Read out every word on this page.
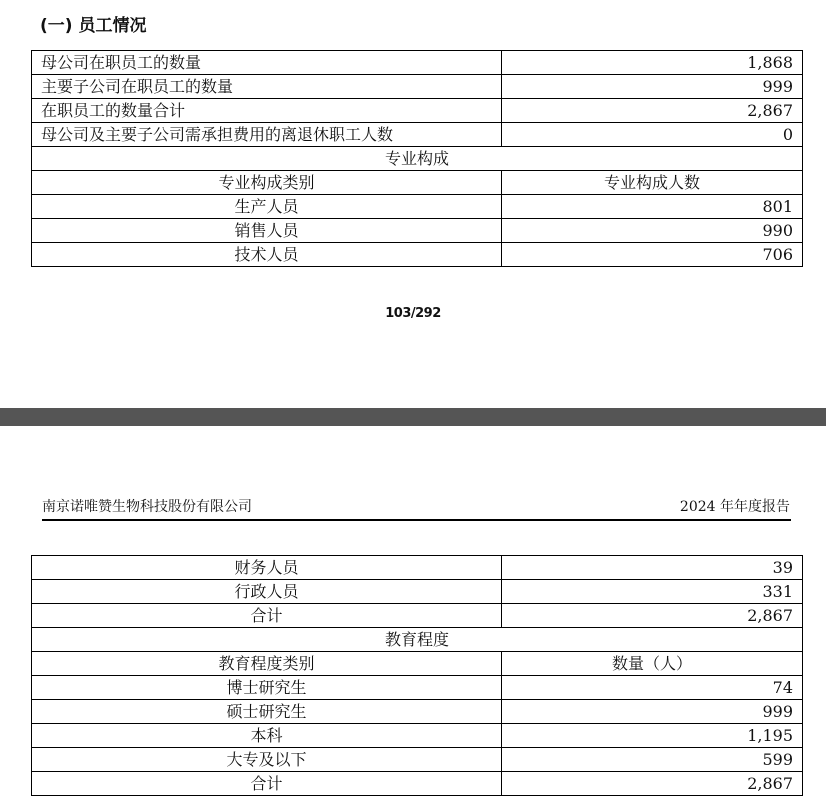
(一) 员工情况
母公司在职员工的数量	1,868
主要子公司在职员工的数量	999
在职员工的数量合计	2,867
母公司及主要子公司需承担费用的离退休职工人数	0
专业构成	
专业构成类别	专业构成人数
生产人员	801
销售人员	990
技术人员	706
103/292
南京诺唯赞生物科技股份有限公司	2024 年年度报告
财务人员	39
行政人员	331
合计	2,867
教育程度	
教育程度类别	数量（人）
博士研究生	74
硕士研究生	999
本科	1,195
大专及以下	599
合计	2,867
